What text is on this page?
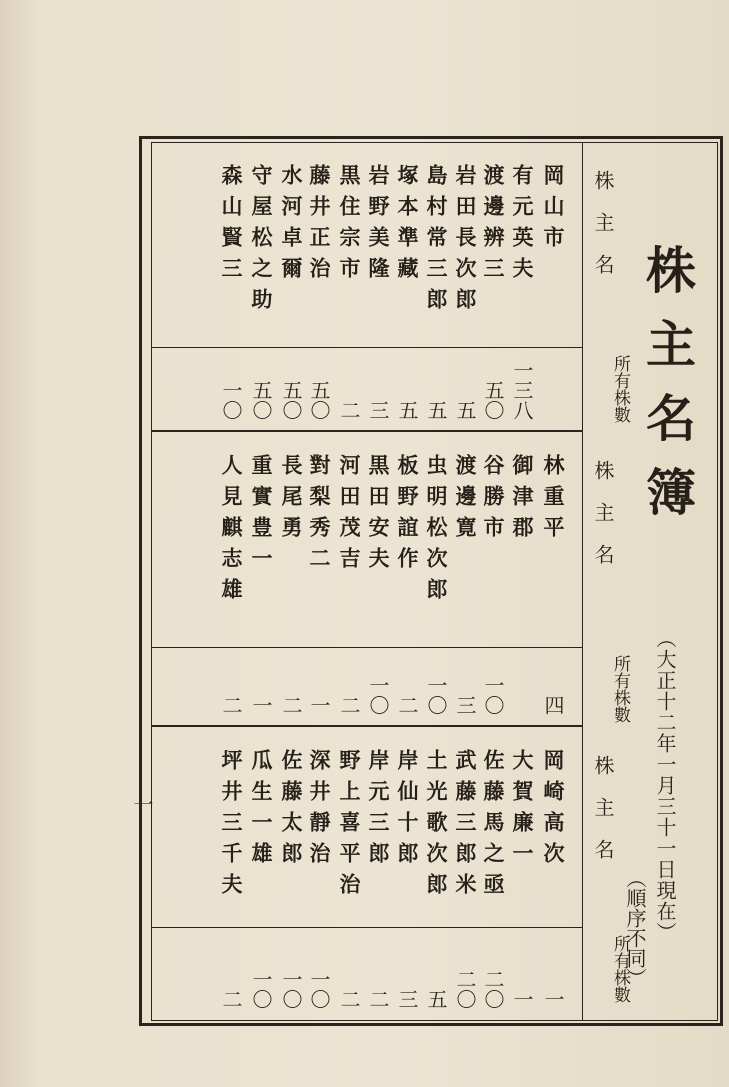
一
株主名簿
（大正十二年一月三十一日現在）
（順序不同）
株主名
所有株數
岡山市
有元英夫
一三八
渡邊辨三
五〇
岩田長次郎
五
島村常三郎
五
塚本準藏
五
岩野美隆
三
黒住宗市
二
藤井正治
五〇
水河卓爾
五〇
守屋松之助
五〇
森山賢三
一〇
株主名
所有株數
林重平
四
御津郡
谷勝市
一〇
渡邊寛
三
虫明松次郎
一〇
板野誼作
二
黒田安夫
一〇
河田茂吉
二
對梨秀二
一
長尾勇
二
重實豊一
一
人見麒志雄
二
株主名
所有株數
岡崎高次
一
大賀廉一
一
佐藤馬之亟
二〇
武藤三郎米
二〇
土光歌次郎
五
岸仙十郎
三
岸元三郎
二
野上喜平治
二
深井靜治
一〇
佐藤太郎
一〇
瓜生一雄
一〇
坪井三千夫
二
